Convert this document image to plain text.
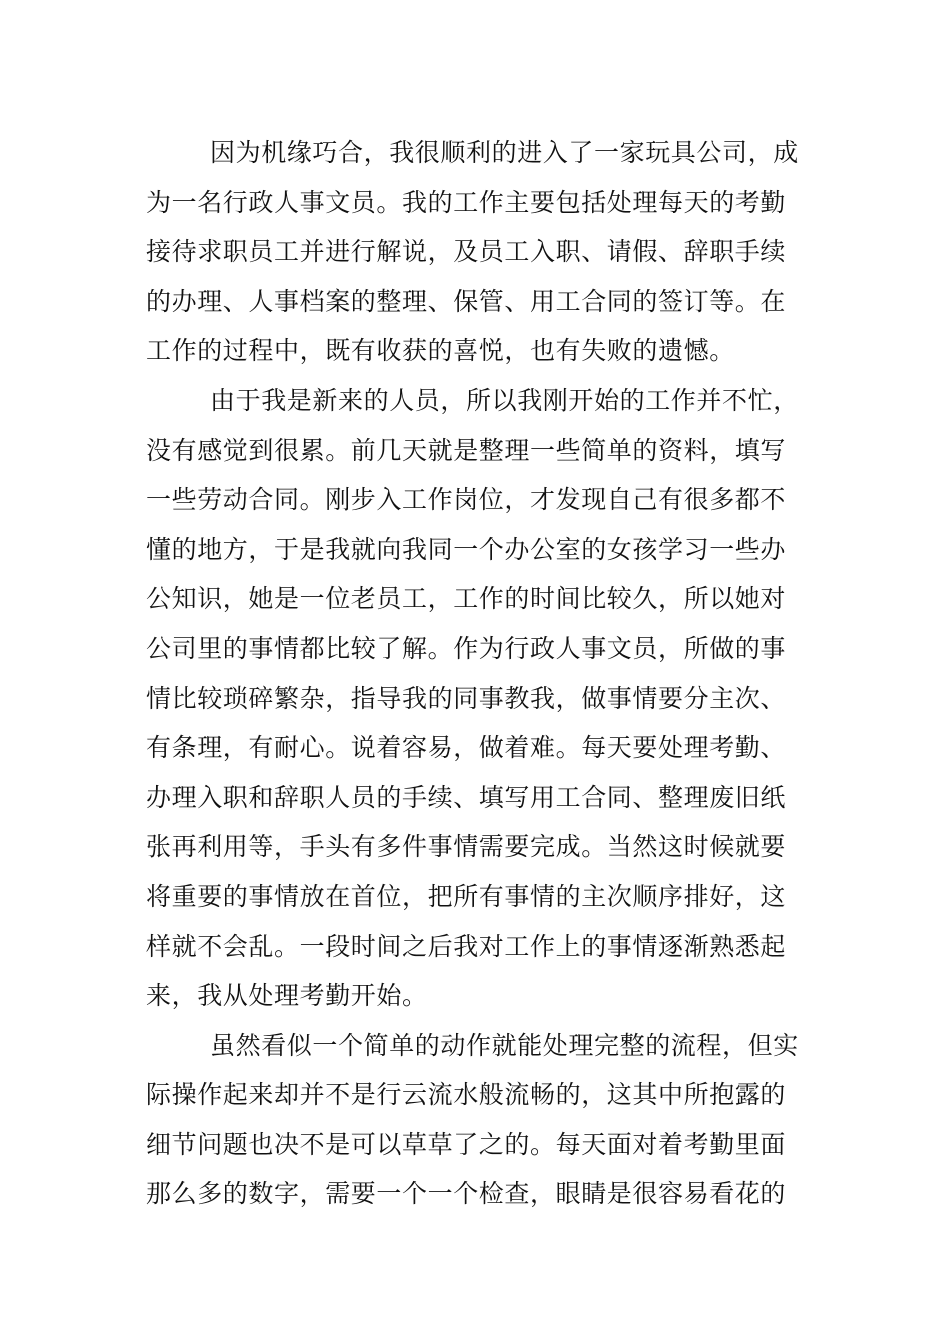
因为机缘巧合，我很顺利的进入了一家玩具公司，成
为一名行政人事文员。我的工作主要包括处理每天的考勤
接待求职员工并进行解说，及员工入职、请假、辞职手续
的办理、人事档案的整理、保管、用工合同的签订等。在
工作的过程中，既有收获的喜悦，也有失败的遗憾。
由于我是新来的人员，所以我刚开始的工作并不忙，
没有感觉到很累。前几天就是整理一些简单的资料，填写
一些劳动合同。刚步入工作岗位，才发现自己有很多都不
懂的地方，于是我就向我同一个办公室的女孩学习一些办
公知识，她是一位老员工，工作的时间比较久，所以她对
公司里的事情都比较了解。作为行政人事文员，所做的事
情比较琐碎繁杂，指导我的同事教我，做事情要分主次、
有条理，有耐心。说着容易，做着难。每天要处理考勤、
办理入职和辞职人员的手续、填写用工合同、整理废旧纸
张再利用等，手头有多件事情需要完成。当然这时候就要
将重要的事情放在首位，把所有事情的主次顺序排好，这
样就不会乱。一段时间之后我对工作上的事情逐渐熟悉起
来，我从处理考勤开始。
虽然看似一个简单的动作就能处理完整的流程，但实
际操作起来却并不是行云流水般流畅的，这其中所抱露的
细节问题也决不是可以草草了之的。每天面对着考勤里面
那么多的数字，需要一个一个检查，眼睛是很容易看花的
